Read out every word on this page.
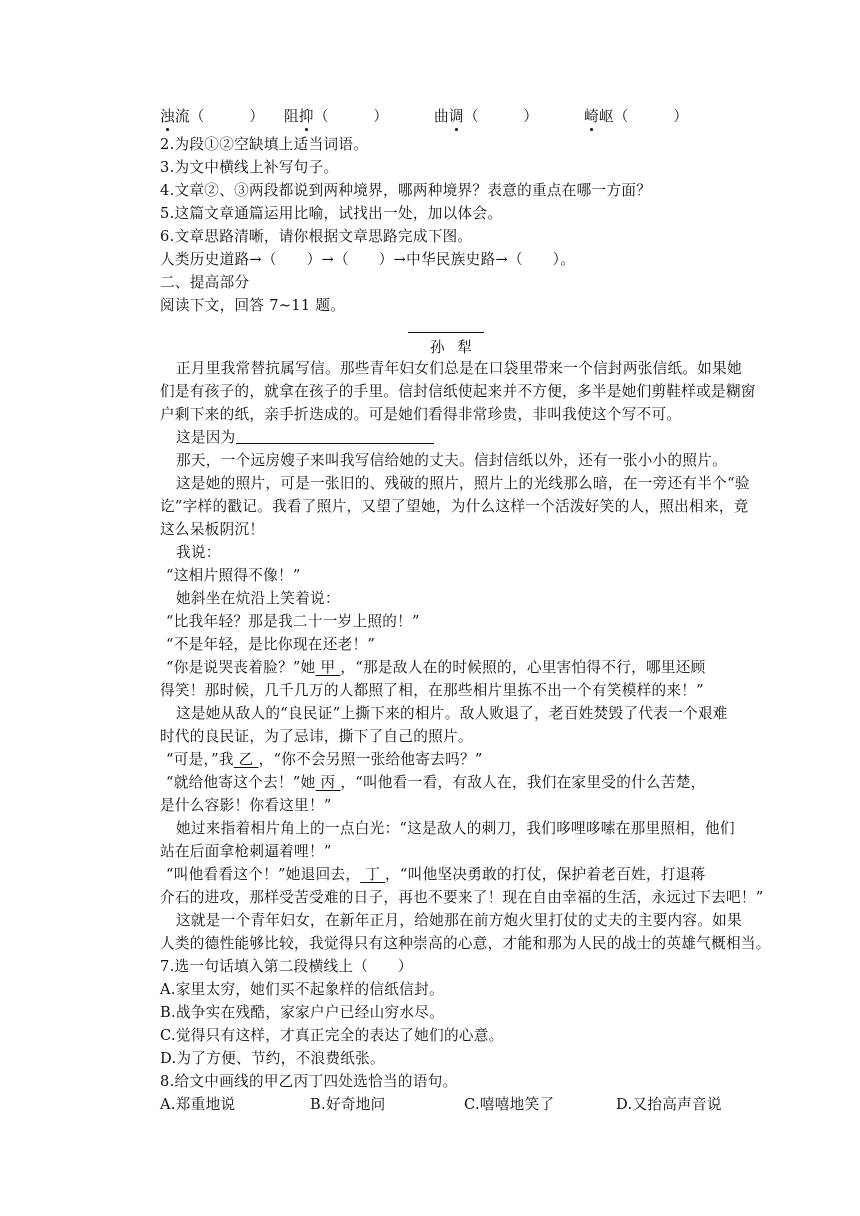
浊流（　　　） 阻抑（　　　）	曲调（　　　）	崎岖（　　　）
2.为段①②空缺填上适当词语。
3.为文中横线上补写句子。
4.文章②、③两段都说到两种境界，哪两种境界？表意的重点在哪一方面？
5.这篇文章通篇运用比喻，试找出一处，加以体会。
6.文章思路清晰，请你根据文章思路完成下图。
人类历史道路→（　　）→（　　）→中华民族史路→（　　）。
二、提高部分
阅读下文，回答 7~11 题。
孙 犁
正月里我常替抗属写信。那些青年妇女们总是在口袋里带来一个信封两张信纸。如果她
们是有孩子的，就拿在孩子的手里。信封信纸使起来并不方便，多半是她们剪鞋样或是糊窗
户剩下来的纸，亲手折迭成的。可是她们看得非常珍贵，非叫我使这个写不可。
这是因为
那天，一个远房嫂子来叫我写信给她的丈夫。信封信纸以外，还有一张小小的照片。
这是她的照片，可是一张旧的、残破的照片，照片上的光线那么暗，在一旁还有半个“验
讫”字样的戳记。我看了照片，又望了望她，为什么这样一个活泼好笑的人，照出相来，竟
这么呆板阴沉！
我说：
“这相片照得不像！”
她斜坐在炕沿上笑着说：
“比我年轻？那是我二十一岁上照的！”
“不是年轻，是比你现在还老！”
“你是说哭丧着脸？”她 甲 ，“那是敌人在的时候照的，心里害怕得不行，哪里还顾
得笑！那时候，几千几万的人都照了相，在那些相片里拣不出一个有笑模样的来！”
这是她从敌人的“良民证”上撕下来的相片。敌人败退了，老百姓焚毁了代表一个艰难
时代的良民证，为了忌讳，撕下了自己的照片。
“可是，”我 乙 ，“你不会另照一张给他寄去吗？”
“就给他寄这个去！”她 丙 ，“叫他看一看，有敌人在，我们在家里受的什么苦楚，
是什么容影！你看这里！”
她过来指着相片角上的一点白光：“这是敌人的刺刀，我们哆哩哆嗦在那里照相，他们
站在后面拿枪刺逼着哩！”
“叫他看看这个！”她退回去， 丁 ，“叫他坚决勇敢的打仗，保护着老百姓，打退蒋
介石的进攻，那样受苦受难的日子，再也不要来了！现在自由幸福的生活，永远过下去吧！”
这就是一个青年妇女，在新年正月，给她那在前方炮火里打仗的丈夫的主要内容。如果
人类的德性能够比较，我觉得只有这种崇高的心意，才能和那为人民的战士的英雄气概相当。
7.选一句话填入第二段横线上（　　）
A.家里太穷，她们买不起象样的信纸信封。
B.战争实在残酷，家家户户已经山穷水尽。
C.觉得只有这样，才真正完全的表达了她们的心意。
D.为了方便、节约，不浪费纸张。
8.给文中画线的甲乙丙丁四处选恰当的语句。
A.郑重地说	B.好奇地问	C.嘻嘻地笑了	D.又抬高声音说
